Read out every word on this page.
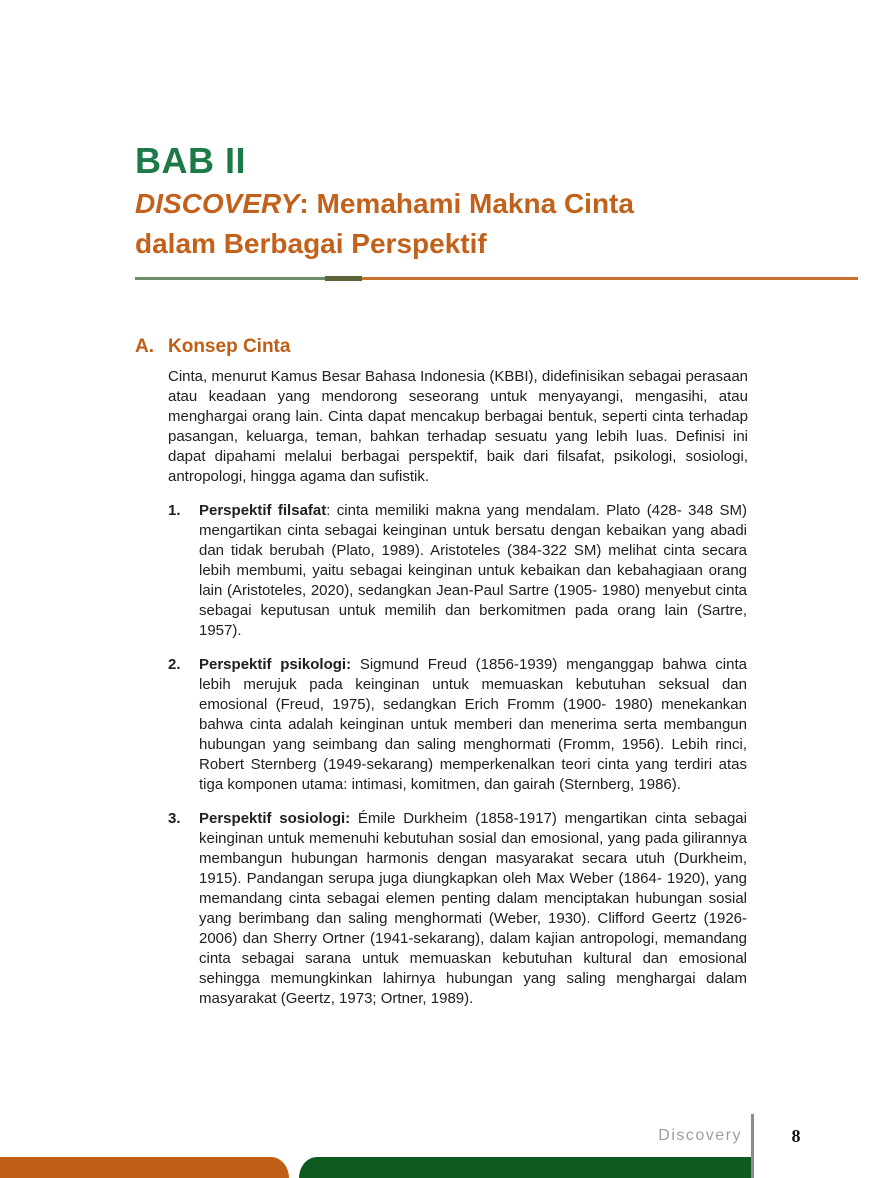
BAB II
DISCOVERY: Memahami Makna Cinta
dalam Berbagai Perspektif
A. Konsep Cinta

Cinta, menurut Kamus Besar Bahasa Indonesia (KBBI), didefinisikan sebagai perasaan atau keadaan yang mendorong seseorang untuk menyayangi, mengasihi, atau menghargai orang lain. Cinta dapat mencakup berbagai bentuk, seperti cinta terhadap pasangan, keluarga, teman, bahkan terhadap sesuatu yang lebih luas. Definisi ini dapat dipahami melalui berbagai perspektif, baik dari filsafat, psikologi, sosiologi, antropologi, hingga agama dan sufistik.

1.	Perspektif filsafat: cinta memiliki makna yang mendalam. Plato (428- 348 SM) mengartikan cinta sebagai keinginan untuk bersatu dengan kebaikan yang abadi dan tidak berubah (Plato, 1989). Aristoteles (384-322 SM) melihat cinta secara lebih membumi, yaitu sebagai keinginan untuk kebaikan dan kebahagiaan orang lain (Aristoteles, 2020), sedangkan Jean-Paul Sartre (1905- 1980) menyebut cinta sebagai keputusan untuk memilih dan berkomitmen pada orang lain (Sartre, 1957).
2.	Perspektif psikologi: Sigmund Freud (1856-1939) menganggap bahwa cinta lebih merujuk pada keinginan untuk memuaskan kebutuhan seksual dan emosional (Freud, 1975), sedangkan Erich Fromm (1900- 1980) menekankan bahwa cinta adalah keinginan untuk memberi dan menerima serta membangun hubungan yang seimbang dan saling menghormati (Fromm, 1956). Lebih rinci, Robert Sternberg (1949-sekarang) memperkenalkan teori cinta yang terdiri atas tiga komponen utama: intimasi, komitmen, dan gairah (Sternberg, 1986).
3.	Perspektif sosiologi: Émile Durkheim (1858-1917) mengartikan cinta sebagai keinginan untuk memenuhi kebutuhan sosial dan emosional, yang pada gilirannya membangun hubungan harmonis dengan masyarakat secara utuh (Durkheim, 1915). Pandangan serupa juga diungkapkan oleh Max Weber (1864- 1920), yang memandang cinta sebagai elemen penting dalam menciptakan hubungan sosial yang berimbang dan saling menghormati (Weber, 1930). Clifford Geertz (1926-2006) dan Sherry Ortner (1941-sekarang), dalam kajian antropologi, memandang cinta sebagai sarana untuk memuaskan kebutuhan kultural dan emosional sehingga memungkinkan lahirnya hubungan yang saling menghargai dalam masyarakat (Geertz, 1973; Ortner, 1989).
Discovery	8
